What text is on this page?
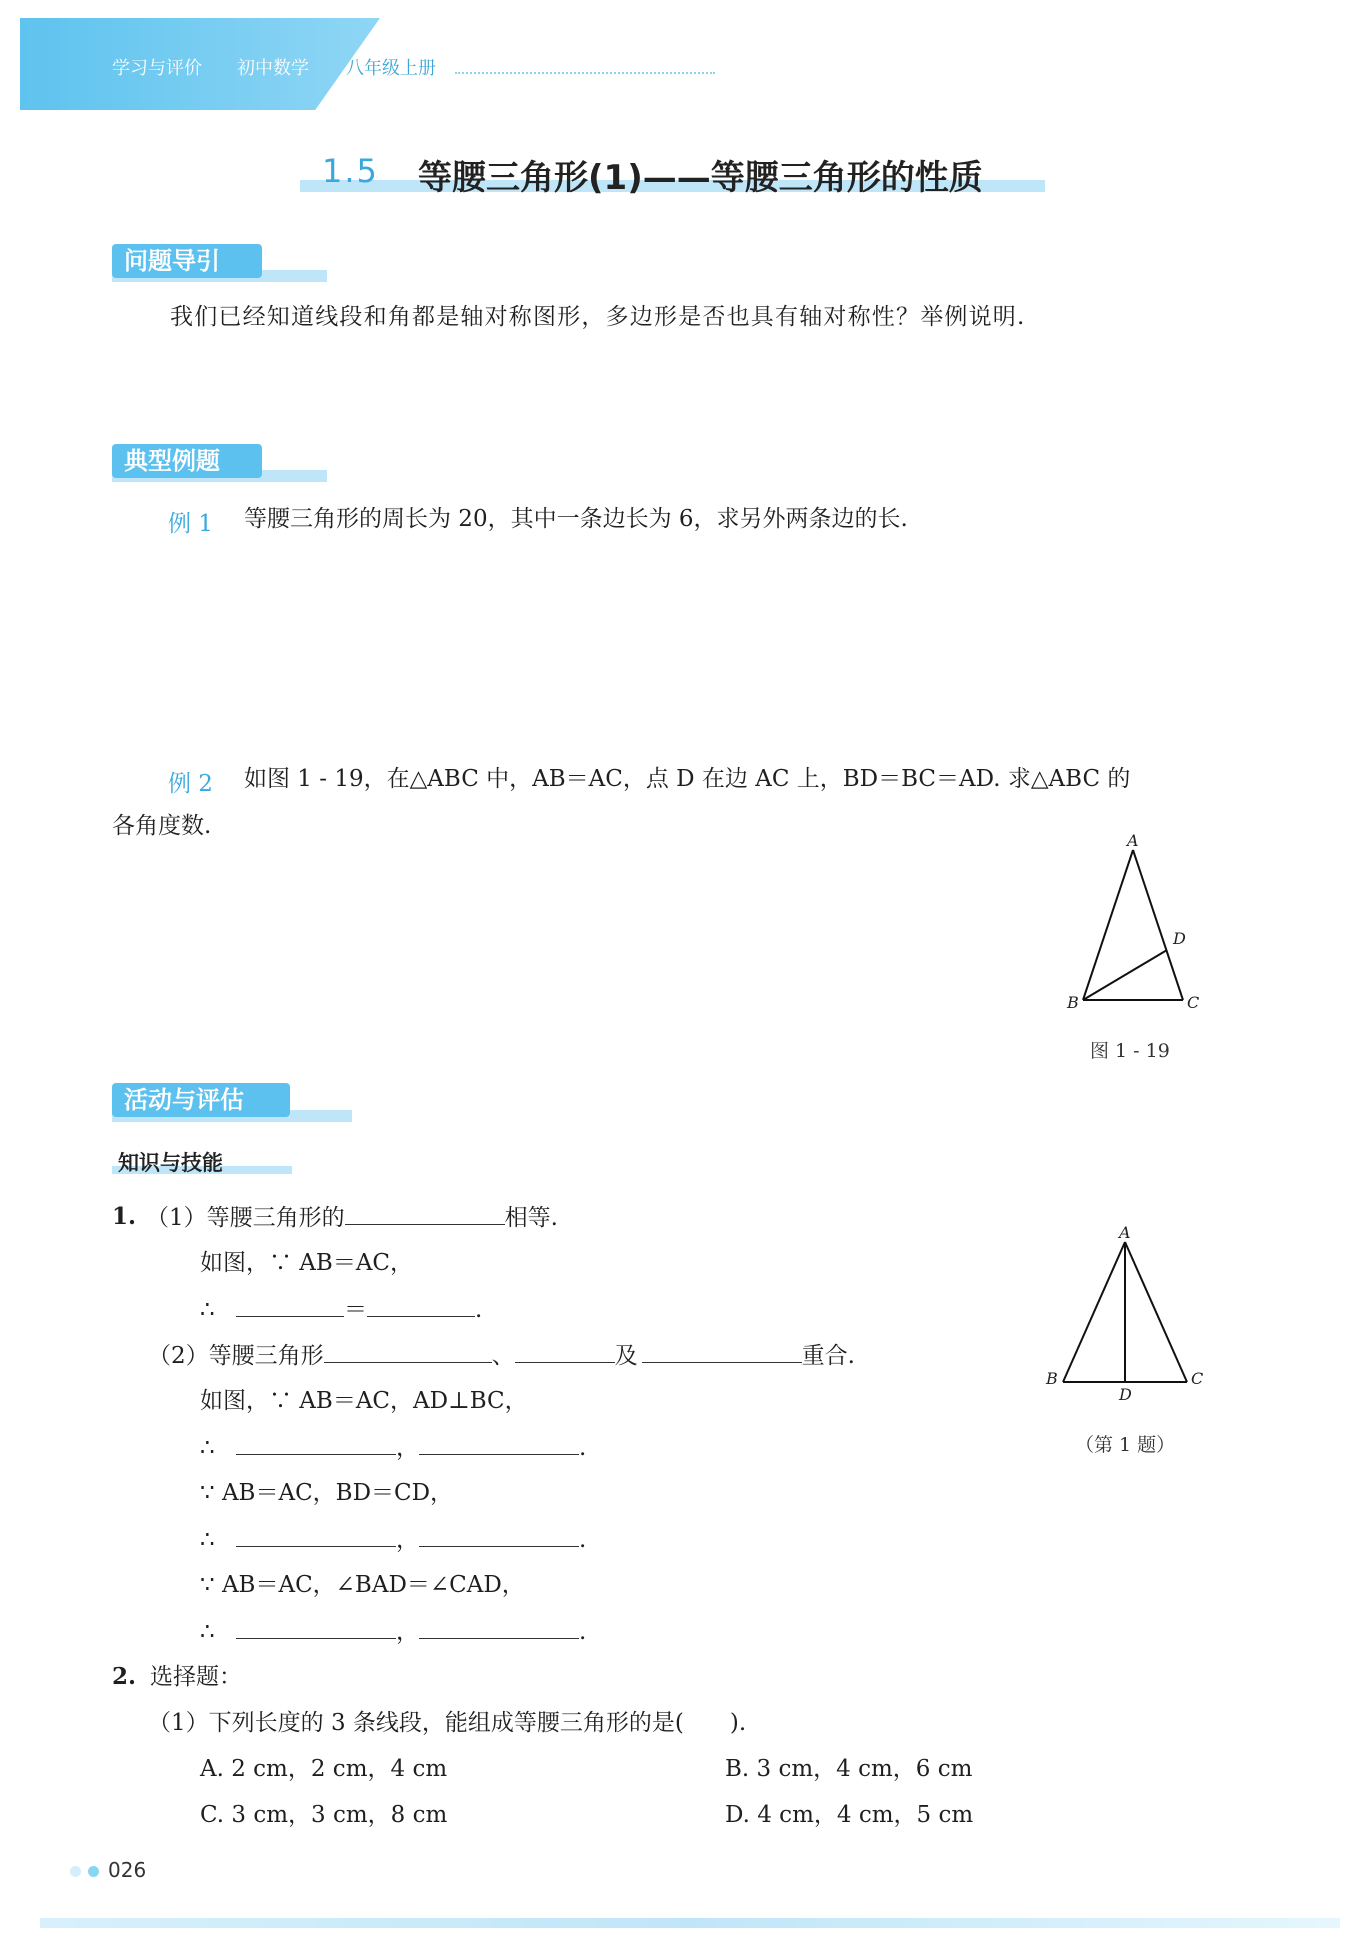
学习与评价 初中数学 八年级上册
1.5 等腰三角形(1)——等腰三角形的性质
问题导引
我们已经知道线段和角都是轴对称图形，多边形是否也具有轴对称性？举例说明.
典型例题
例 1 等腰三角形的周长为 20，其中一条边长为 6，求另外两条边的长.
例 2 如图 1 - 19，在△ABC 中，AB＝AC，点 D 在边 AC 上，BD＝BC＝AD. 求△ABC 的
各角度数.
A
B	C
D
图 1 - 19
活动与评估
知识与技能
1. （1）等腰三角形的	相等.
如图，∵ AB＝AC，
∴	＝	.
（2）等腰三角形	、	及	重合.
如图，∵ AB＝AC，AD⊥BC，
∴	，	.
∵ AB＝AC，BD＝CD，
∴	，	.
∵ AB＝AC，∠BAD＝∠CAD，
∴	，	.
A
B	C
D
（第 1 题）
2. 选择题：
（1）下列长度的 3 条线段，能组成等腰三角形的是(　　).
A. 2 cm，2 cm，4 cm	B. 3 cm，4 cm，6 cm
C. 3 cm，3 cm，8 cm	D. 4 cm，4 cm，5 cm
026
